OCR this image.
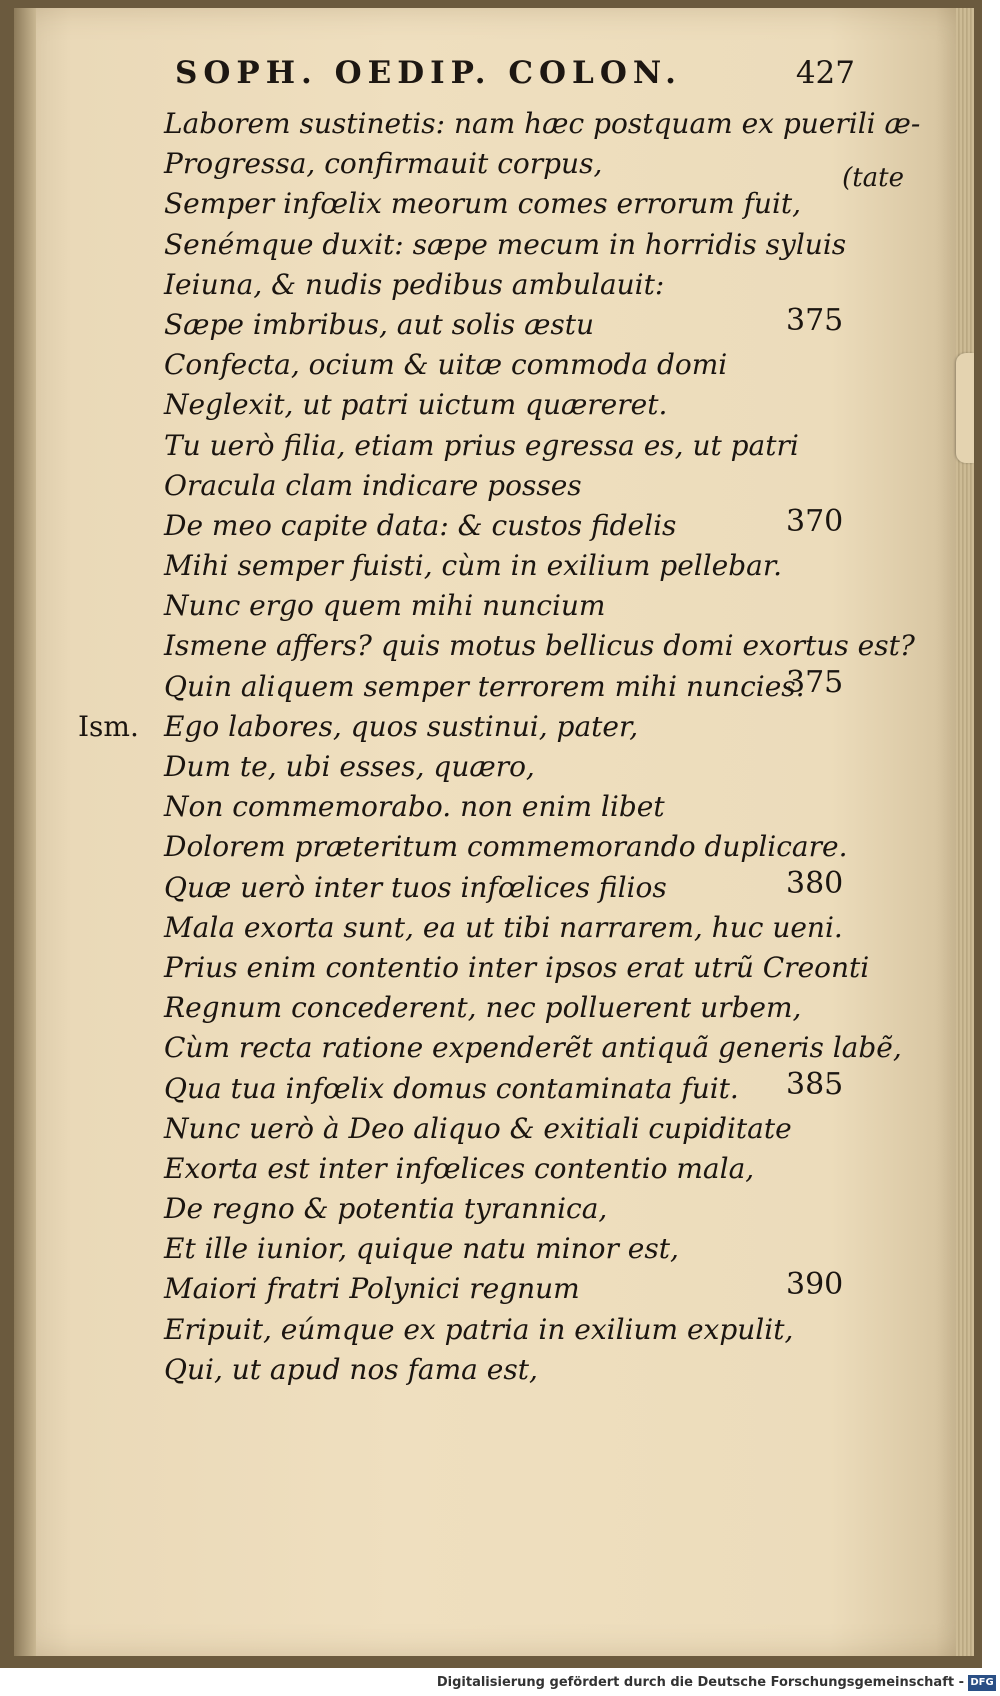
SOPH. OEDIP. COLON.	427
Laborem sustinetis: nam hæc postquam ex puerili æ-
Progressa, confirmauit corpus,	(tate
Semper infœlix meorum comes errorum fuit,
Senémque duxit: sæpe mecum in horridis syluis
Ieiuna, & nudis pedibus ambulauit:
Sæpe imbribus, aut solis æstu	375
Confecta, ocium & uitæ commoda domi
Neglexit, ut patri uictum quæreret.
Tu uerò filia, etiam prius egressa es, ut patri
Oracula clam indicare posses
De meo capite data: & custos fidelis	370
Mihi semper fuisti, cùm in exilium pellebar.
Nunc ergo quem mihi nuncium
Ismene affers? quis motus bellicus domi exortus est?
Quin aliquem semper terrorem mihi nuncies.
375
Ism. Ego labores, quos sustinui, pater,
Dum te, ubi esses, quæro,
Non commemorabo. non enim libet
Dolorem præteritum commemorando duplicare.
Quæ uerò inter tuos infœlices filios	380
Mala exorta sunt, ea ut tibi narrarem, huc ueni.
Prius enim contentio inter ipsos erat utrũ Creonti
Regnum concederent, nec polluerent urbem,
Cùm recta ratione expenderẽt antiquã generis labẽ,
Qua tua infœlix domus contaminata fuit. 385
Nunc uerò à Deo aliquo & exitiali cupiditate
Exorta est inter infœlices contentio mala,
De regno & potentia tyrannica,
Et ille iunior, quique natu minor est,
Maiori fratri Polynici regnum	390
Eripuit, eúmque ex patria in exilium expulit,
Qui, ut apud nos fama est,
Digitalisierung gefördert durch die Deutsche Forschungsgemeinschaft - DFG
